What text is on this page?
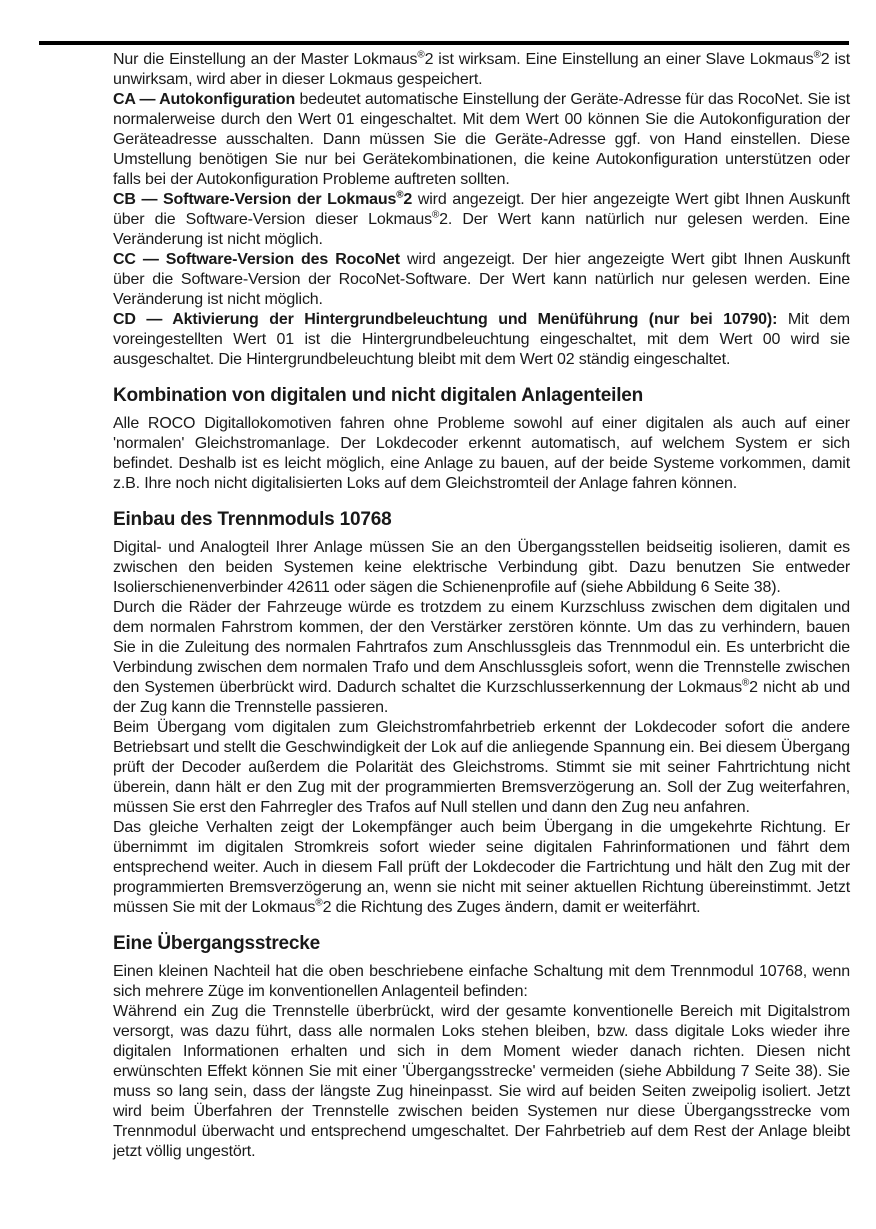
Nur die Einstellung an der Master Lokmaus®2 ist wirksam. Eine Einstellung an einer Slave Lokmaus®2 ist unwirksam, wird aber in dieser Lokmaus gespeichert.

CA — Autokonfiguration bedeutet automatische Einstellung der Geräte-Adresse für das RocoNet. Sie ist normalerweise durch den Wert 01 eingeschaltet. Mit dem Wert 00 können Sie die Autokonfiguration der Geräteadresse ausschalten. Dann müssen Sie die Geräte-Adresse ggf. von Hand einstellen. Diese Umstellung benötigen Sie nur bei Gerätekombinationen, die keine Autokonfiguration unterstützen oder falls bei der Autokonfiguration Probleme auftreten sollten.

CB — Software-Version der Lokmaus®2 wird angezeigt. Der hier angezeigte Wert gibt Ihnen Auskunft über die Software-Version dieser Lokmaus®2. Der Wert kann natürlich nur gelesen werden. Eine Veränderung ist nicht möglich.

CC — Software-Version des RocoNet wird angezeigt. Der hier angezeigte Wert gibt Ihnen Auskunft über die Software-Version der RocoNet-Software. Der Wert kann natürlich nur gelesen werden. Eine Veränderung ist nicht möglich.

CD — Aktivierung der Hintergrundbeleuchtung und Menüführung (nur bei 10790): Mit dem voreingestellten Wert 01 ist die Hintergrundbeleuchtung eingeschaltet, mit dem Wert 00 wird sie ausgeschaltet. Die Hintergrundbeleuchtung bleibt mit dem Wert 02 ständig eingeschaltet.

Kombination von digitalen und nicht digitalen Anlagenteilen

Alle ROCO Digitallokomotiven fahren ohne Probleme sowohl auf einer digitalen als auch auf einer 'normalen' Gleichstromanlage. Der Lokdecoder erkennt automatisch, auf welchem System er sich befindet. Deshalb ist es leicht möglich, eine Anlage zu bauen, auf der beide Systeme vorkommen, damit z.B. Ihre noch nicht digitalisierten Loks auf dem Gleichstromteil der Anlage fahren können.

Einbau des Trennmoduls 10768

Digital- und Analogteil Ihrer Anlage müssen Sie an den Übergangsstellen beidseitig isolieren, damit es zwischen den beiden Systemen keine elektrische Verbindung gibt. Dazu benutzen Sie entweder Isolierschienenverbinder 42611 oder sägen die Schienenprofile auf (siehe Abbildung 6 Seite 38).

Durch die Räder der Fahrzeuge würde es trotzdem zu einem Kurzschluss zwischen dem digitalen und dem normalen Fahrstrom kommen, der den Verstärker zerstören könnte. Um das zu verhindern, bauen Sie in die Zuleitung des normalen Fahrtrafos zum Anschlussgleis das Trennmodul ein. Es unterbricht die Verbindung zwischen dem normalen Trafo und dem Anschlussgleis sofort, wenn die Trennstelle zwischen den Systemen überbrückt wird. Dadurch schaltet die Kurzschlusserkennung der Lokmaus®2 nicht ab und der Zug kann die Trennstelle passieren.

Beim Übergang vom digitalen zum Gleichstromfahrbetrieb erkennt der Lokdecoder sofort die andere Betriebsart und stellt die Geschwindigkeit der Lok auf die anliegende Spannung ein. Bei diesem Übergang prüft der Decoder außerdem die Polarität des Gleichstroms. Stimmt sie mit seiner Fahrtrichtung nicht überein, dann hält er den Zug mit der programmierten Bremsverzögerung an. Soll der Zug weiterfahren, müssen Sie erst den Fahrregler des Trafos auf Null stellen und dann den Zug neu anfahren.

Das gleiche Verhalten zeigt der Lokempfänger auch beim Übergang in die umgekehrte Richtung. Er übernimmt im digitalen Stromkreis sofort wieder seine digitalen Fahrinformationen und fährt dem entsprechend weiter. Auch in diesem Fall prüft der Lokdecoder die Fartrichtung und hält den Zug mit der programmierten Bremsverzögerung an, wenn sie nicht mit seiner aktuellen Richtung übereinstimmt. Jetzt müssen Sie mit der Lokmaus®2 die Richtung des Zuges ändern, damit er weiterfährt.

Eine Übergangsstrecke

Einen kleinen Nachteil hat die oben beschriebene einfache Schaltung mit dem Trennmodul 10768, wenn sich mehrere Züge im konventionellen Anlagenteil befinden:

Während ein Zug die Trennstelle überbrückt, wird der gesamte konventionelle Bereich mit Digitalstrom versorgt, was dazu führt, dass alle normalen Loks stehen bleiben, bzw. dass digitale Loks wieder ihre digitalen Informationen erhalten und sich in dem Moment wieder danach richten. Diesen nicht erwünschten Effekt können Sie mit einer 'Übergangsstrecke' vermeiden (siehe Abbildung 7 Seite 38). Sie muss so lang sein, dass der längste Zug hineinpasst. Sie wird auf beiden Seiten zweipolig isoliert. Jetzt wird beim Überfahren der Trennstelle zwischen beiden Systemen nur diese Übergangsstrecke vom Trennmodul überwacht und entsprechend umgeschaltet. Der Fahrbetrieb auf dem Rest der Anlage bleibt jetzt völlig ungestört.
